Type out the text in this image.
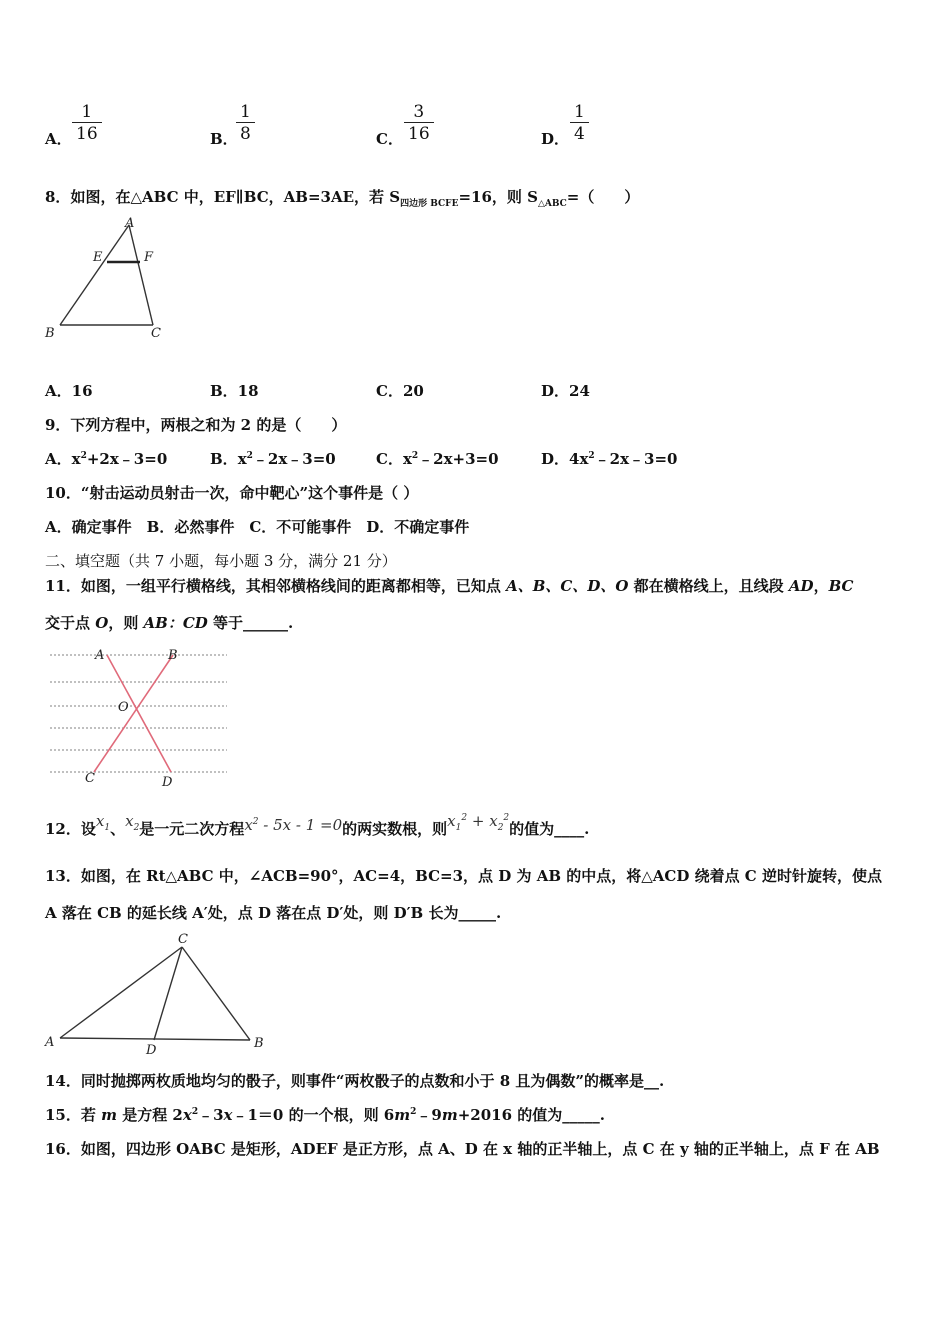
A．
1
16	B．
1
8	C．
3
16	D．
1
4
8．如图，在△ABC 中，EF∥BC，AB=3AE，若 $S_{四边形 BCFE}=16$，则 $S_{\triangle ABC}=$（　　）
A
E	F
B	C
A．16	B．18	C．20	D．24
9．下列方程中，两根之和为 2 的是（　　）
A．$x^2+2x﹣3=0$	B．$x^2﹣2x﹣3=0$	C．$x^2﹣2x+3=0$	D．$4x^2﹣2x﹣3=0$
10．“射击运动员射击一次，命中靶心”这个事件是（ ）
A．确定事件　B．必然事件　C．不可能事件　D．不确定事件
二、填空题（共 7 小题，每小题 3 分，满分 21 分）
11．如图，一组平行横格线，其相邻横格线间的距离都相等，已知点 A、B、C、D、O 都在横格线上，且线段 AD，BC
交于点 O，则 AB：CD 等于______.
A	B
O
C	D
12．设$x_1$、$x_2$是一元二次方程$x^2 - 5x - 1 =0$的两实数根，则$x_1^2 + x_2^2$的值为____.
13．如图，在 Rt△ABC 中，∠ACB=90°，AC=4，BC=3，点 D 为 AB 的中点，将△ACD 绕着点 C 逆时针旋转，使点
A 落在 CB 的延长线 A′处，点 D 落在点 D′处，则 D′B 长为_____.
C
A
D	B
14．同时抛掷两枚质地均匀的骰子，则事件“两枚骰子的点数和小于 8 且为偶数”的概率是__.
15．若 m 是方程 $2x^2﹣3x﹣1=0$ 的一个根，则 $6m^2﹣9m+2016$ 的值为_____.
16．如图，四边形 OABC 是矩形，ADEF 是正方形，点 A、D 在 x 轴的正半轴上，点 C 在 y 轴的正半轴上，点 F 在 AB
